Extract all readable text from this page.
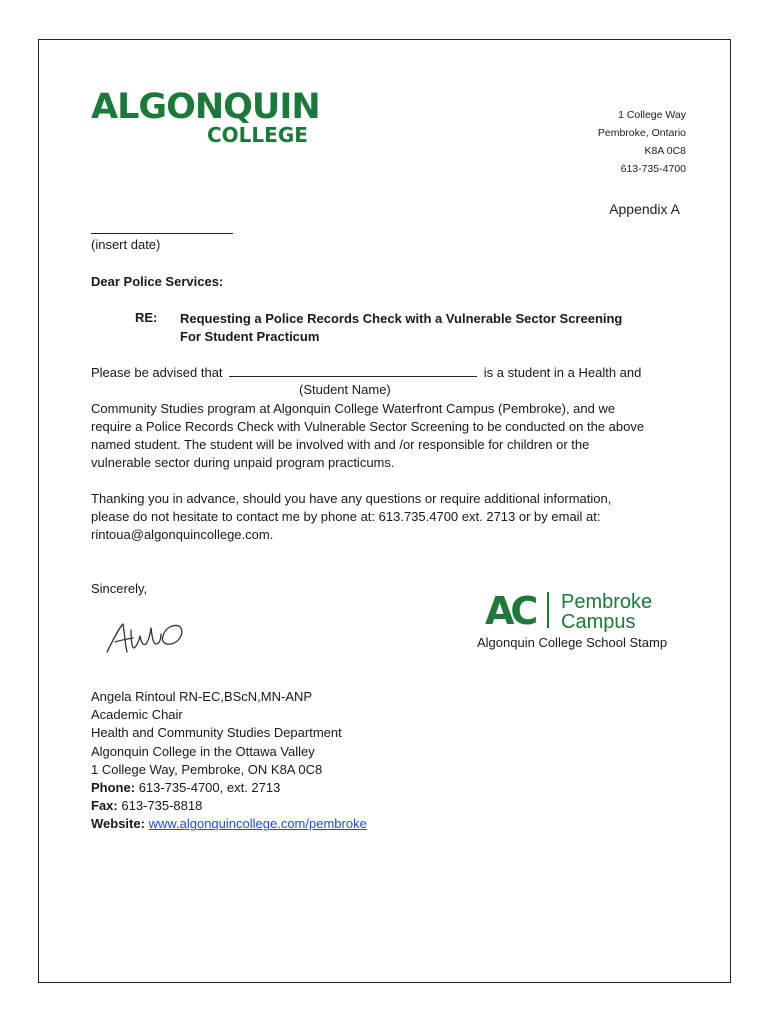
ALGONQUIN
COLLEGE
1 College Way
Pembroke, Ontario
K8A 0C8
613-735-4700
Appendix A
(insert date)
Dear Police Services:
RE: Requesting a Police Records Check with a Vulnerable Sector Screening
For Student Practicum
Please be advised that	is a student in a Health and
(Student Name)
Community Studies program at Algonquin College Waterfront Campus (Pembroke), and we
require a Police Records Check with Vulnerable Sector Screening to be conducted on the above
named student. The student will be involved with and /or responsible for children or the
vulnerable sector during unpaid program practicums.
Thanking you in advance, should you have any questions or require additional information,
please do not hesitate to contact me by phone at: 613.735.4700 ext. 2713 or by email at:
rintoua@algonquincollege.com.
Sincerely,
AC Pembroke
Campus
Algonquin College School Stamp
Angela Rintoul RN-EC,BScN,MN-ANP
Academic Chair
Health and Community Studies Department
Algonquin College in the Ottawa Valley
1 College Way, Pembroke, ON K8A 0C8
Phone: 613-735-4700, ext. 2713
Fax: 613-735-8818
Website: www.algonquincollege.com/pembroke
